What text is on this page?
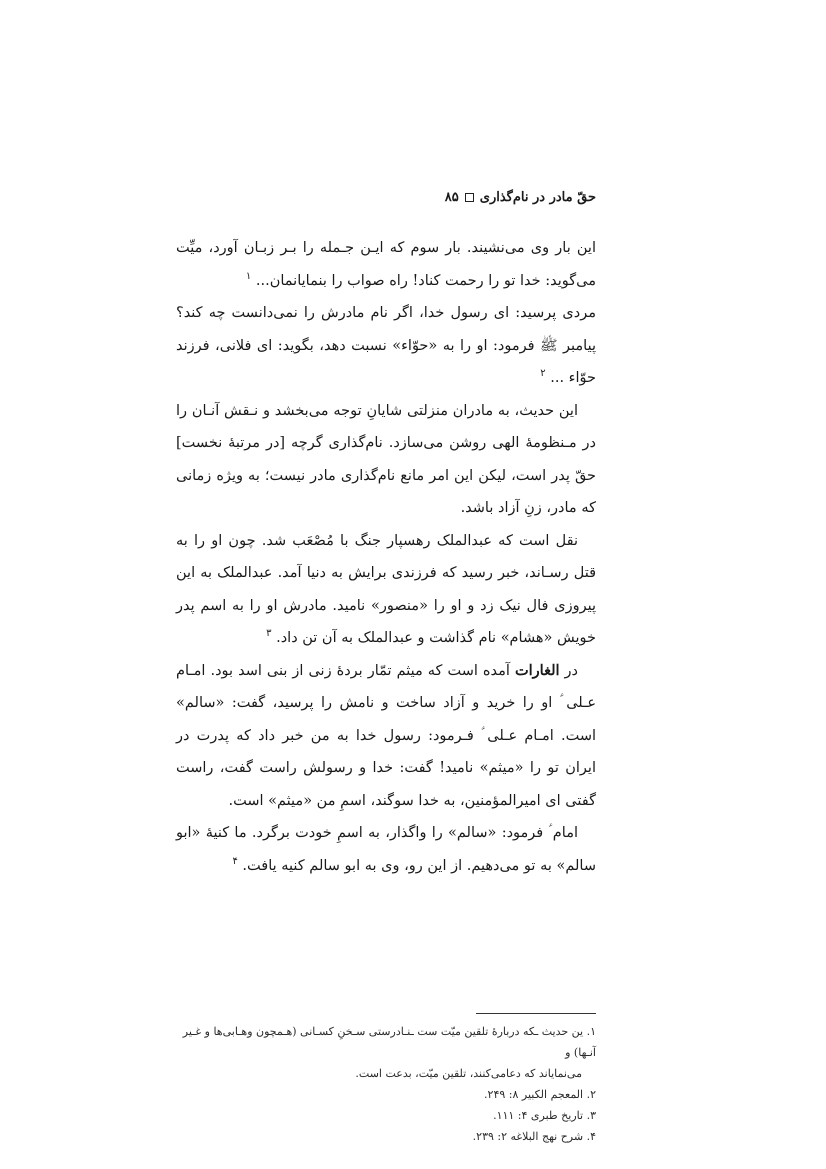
حقّ مادر در نام‌گذاری
۸۵

این بار وی می‌نشیند. بار سوم که ایـن جـمله را بـر زبـان آورد، میِّت می‌گوید: خدا تو را رحمت کناد! راه صواب را بنمایانمان... $^۱$

مردی پرسید: ای رسول خدا، اگر نام مادرش را نمی‌دانست چه کند؟ پیامبر ﷺ فرمود: او را به «حوّاء» نسبت دهد، بگوید: ای فلانی، فرزند حوّاء ... $^۲$

این حدیث، به مادران منزلتی شایانِ توجه می‌بخشد و نـقش آنـان را در مـنظومهٔ الهی روشن می‌سازد. نام‌گذاری گرچه [در مرتبهٔ نخست] حقّ پدر است، لیکن این امر مانع نام‌گذاری مادر نیست؛ به ویژه زمانی که مادر، زنِ آزاد باشد.

نقل است که عبدالملک رهسپار جنگ با مُصْعَب شد. چون او را به قتل رسـاند، خبر رسید که فرزندی برایش به دنیا آمد. عبدالملک به این پیروزی فال نیک زد و او را «منصور» نامید. مادرش او را به اسم پدر خویش «هشام» نام گذاشت و عبدالملک به آن تن داد. $^۳$

در الغارات آمده است که میثم تمّار بردهٔ زنی از بنی اسد بود. امـام عـلی ؑ او را خرید و آزاد ساخت و نامش را پرسید، گفت: «سالم» است. امـام عـلی ؑ فـرمود: رسول خدا به من خبر داد که پدرت در ایران تو را «میثم» نامید! گفت: خدا و رسولش راست گفت، راست گفتی ای امیرالمؤمنین، به خدا سوگند، اسمِ من «میثم» است.

امام ؑ فرمود: «سالم» را واگذار، به اسمِ خودت برگرد. ما کنیهٔ «ابو سالم» به تو می‌دهیم. از این رو، وی به ابو سالم کنیه یافت. $^۴$

۱. ین حدیث ـکه دربارهٔ تلقین میّت ست ـنـادرستی سـخنِ کسـانی (هـمچون وهـابی‌ها و غـیر آنـها) و

می‌نمایاند که دعامی‌کنند، تلقین میّت، بدعت است.

۲. المعجم الکبیر ۸: ۲۴۹.

۳. تاریخ طبری ۴: ۱۱۱.

۴. شرح نهج البلاغه ۲: ۲۳۹.
